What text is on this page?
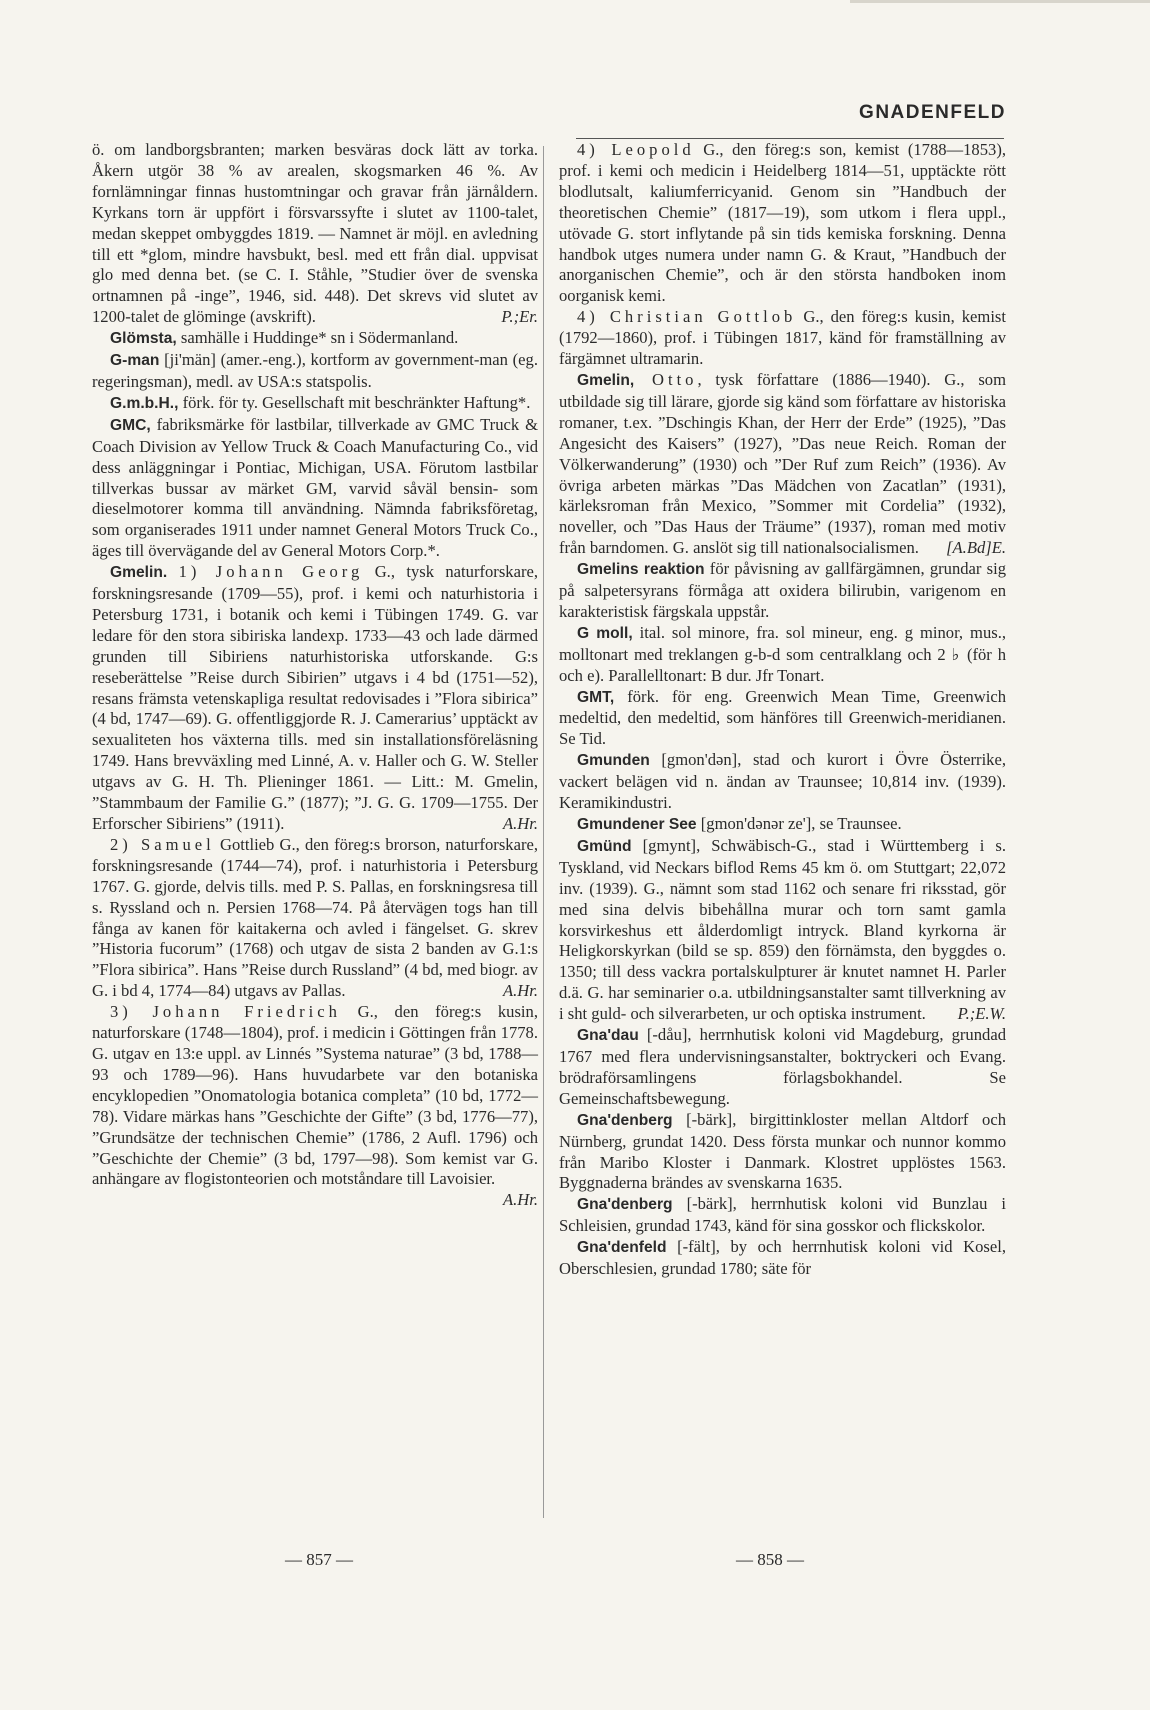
GNADENFELD

ö. om landborgsbranten; marken besväras dock lätt av torka. Åkern utgör 38 % av arealen, skogsmarken 46 %. Av fornlämningar finnas hustomtningar och gravar från järnåldern. Kyrkans torn är uppfört i försvarssyfte i slutet av 1100-talet, medan skeppet ombyggdes 1819. — Namnet är möjl. en avledning till ett *glom, mindre havsbukt, besl. med ett från dial. uppvisat glo med denna bet. (se C. I. Ståhle, ”Studier över de svenska ortnamnen på -inge”, 1946, sid. 448). Det skrevs vid slutet av 1200-talet de glöminge (avskrift).	P.;Er.

Glömsta, samhälle i Huddinge* sn i Södermanland.

G-man [ji'män] (amer.-eng.), kortform av government-man (eg. regeringsman), medl. av USA:s statspolis.

G.m.b.H., förk. för ty. Gesellschaft mit beschränkter Haftung*.

GMC, fabriksmärke för lastbilar, tillverkade av GMC Truck & Coach Division av Yellow Truck & Coach Manufacturing Co., vid dess anläggningar i Pontiac, Michigan, USA. Förutom lastbilar tillverkas bussar av märket GM, varvid såväl bensin- som dieselmotorer komma till användning. Nämnda fabriksföretag, som organiserades 1911 under namnet General Motors Truck Co., äges till övervägande del av General Motors Corp.*.

Gmelin. 1) Johann Georg G., tysk naturforskare, forskningsresande (1709—55), prof. i kemi och naturhistoria i Petersburg 1731, i botanik och kemi i Tübingen 1749. G. var ledare för den stora sibiriska landexp. 1733—43 och lade därmed grunden till Sibiriens naturhistoriska utforskande. G:s reseberättelse ”Reise durch Sibirien” utgavs i 4 bd (1751—52), resans främsta vetenskapliga resultat redovisades i ”Flora sibirica” (4 bd, 1747—69). G. offentliggjorde R. J. Camerarius’ upptäckt av sexualiteten hos växterna tills. med sin installationsföreläsning 1749. Hans brevväxling med Linné, A. v. Haller och G. W. Steller utgavs av G. H. Th. Plieninger 1861. — Litt.: M. Gmelin, ”Stammbaum der Familie G.” (1877); ”J. G. G. 1709—1755. Der Erforscher Sibiriens” (1911).	A.Hr.

2) Samuel Gottlieb G., den föreg:s brorson, naturforskare, forskningsresande (1744—74), prof. i naturhistoria i Petersburg 1767. G. gjorde, delvis tills. med P. S. Pallas, en forskningsresa till s. Ryssland och n. Persien 1768—74. På återvägen togs han till fånga av kanen för kaitakerna och avled i fängelset. G. skrev ”Historia fucorum” (1768) och utgav de sista 2 banden av G.1:s ”Flora sibirica”. Hans ”Reise durch Russland” (4 bd, med biogr. av G. i bd 4, 1774—84) utgavs av Pallas.	A.Hr.

3) Johann Friedrich G., den föreg:s kusin, naturforskare (1748—1804), prof. i medicin i Göttingen från 1778. G. utgav en 13:e uppl. av Linnés ”Systema naturae” (3 bd, 1788—93 och 1789—96). Hans huvudarbete var den botaniska encyklopedien ”Onomatologia botanica completa” (10 bd, 1772—78). Vidare märkas hans ”Geschichte der Gifte” (3 bd, 1776—77), ”Grundsätze der technischen Chemie” (1786, 2 Aufl. 1796) och ”Geschichte der Chemie” (3 bd, 1797—98). Som kemist var G. anhängare av flogistonteorien och motståndare till Lavoisier.
A.Hr.

4) Leopold G., den föreg:s son, kemist (1788—1853), prof. i kemi och medicin i Heidelberg 1814—51, upptäckte rött blodlutsalt, kaliumferricyanid. Genom sin ”Handbuch der theoretischen Chemie” (1817—19), som utkom i flera uppl., utövade G. stort inflytande på sin tids kemiska forskning. Denna handbok utges numera under namn G. & Kraut, ”Handbuch der anorganischen Chemie”, och är den största handboken inom oorganisk kemi.

4) Christian Gottlob G., den föreg:s kusin, kemist (1792—1860), prof. i Tübingen 1817, känd för framställning av färgämnet ultramarin.

Gmelin, Otto, tysk författare (1886—1940). G., som utbildade sig till lärare, gjorde sig känd som författare av historiska romaner, t.ex. ”Dschingis Khan, der Herr der Erde” (1925), ”Das Angesicht des Kaisers” (1927), ”Das neue Reich. Roman der Völkerwanderung” (1930) och ”Der Ruf zum Reich” (1936). Av övriga arbeten märkas ”Das Mädchen von Zacatlan” (1931), kärleksroman från Mexico, ”Sommer mit Cordelia” (1932), noveller, och ”Das Haus der Träume” (1937), roman med motiv från barndomen. G. anslöt sig till nationalsocialismen.	[A.Bd]E.

Gmelins reaktion för påvisning av gallfärgämnen, grundar sig på salpetersyrans förmåga att oxidera bilirubin, varigenom en karakteristisk färgskala uppstår.

G moll, ital. sol minore, fra. sol mineur, eng. g minor, mus., molltonart med treklangen g-b-d som centralklang och 2 ♭ (för h och e). Parallelltonart: B dur. Jfr Tonart.

GMT, förk. för eng. Greenwich Mean Time, Greenwich medeltid, den medeltid, som hänföres till Greenwich-meridianen. Se Tid.

Gmunden [gmon'dən], stad och kurort i Övre Österrike, vackert belägen vid n. ändan av Traunsee; 10,814 inv. (1939). Keramikindustri.

Gmundener See [gmon'dənər ze'], se Traunsee.

Gmünd [gmynt], Schwäbisch-G., stad i Württemberg i s. Tyskland, vid Neckars biflod Rems 45 km ö. om Stuttgart; 22,072 inv. (1939). G., nämnt som stad 1162 och senare fri riksstad, gör med sina delvis bibehållna murar och torn samt gamla korsvirkeshus ett ålderdomligt intryck. Bland kyrkorna är Heligkorskyrkan (bild se sp. 859) den förnämsta, den byggdes o. 1350; till dess vackra portalskulpturer är knutet namnet H. Parler d.ä. G. har seminarier o.a. utbildningsanstalter samt tillverkning av i sht guld- och silverarbeten, ur och optiska instrument.	P.;E.W.

Gna'dau [-dåu], herrnhutisk koloni vid Magdeburg, grundad 1767 med flera undervisningsanstalter, boktryckeri och Evang. brödraförsamlingens förlagsbokhandel. Se Gemeinschaftsbewegung.

Gna'denberg [-bärk], birgittinkloster mellan Altdorf och Nürnberg, grundat 1420. Dess första munkar och nunnor kommo från Maribo Kloster i Danmark. Klostret upplöstes 1563. Byggnaderna brändes av svenskarna 1635.

Gna'denberg [-bärk], herrnhutisk koloni vid Bunzlau i Schleisien, grundad 1743, känd för sina gosskor och flickskolor.

Gna'denfeld [-fält], by och herrnhutisk koloni vid Kosel, Oberschlesien, grundad 1780; säte för

— 857 —	— 858 —
